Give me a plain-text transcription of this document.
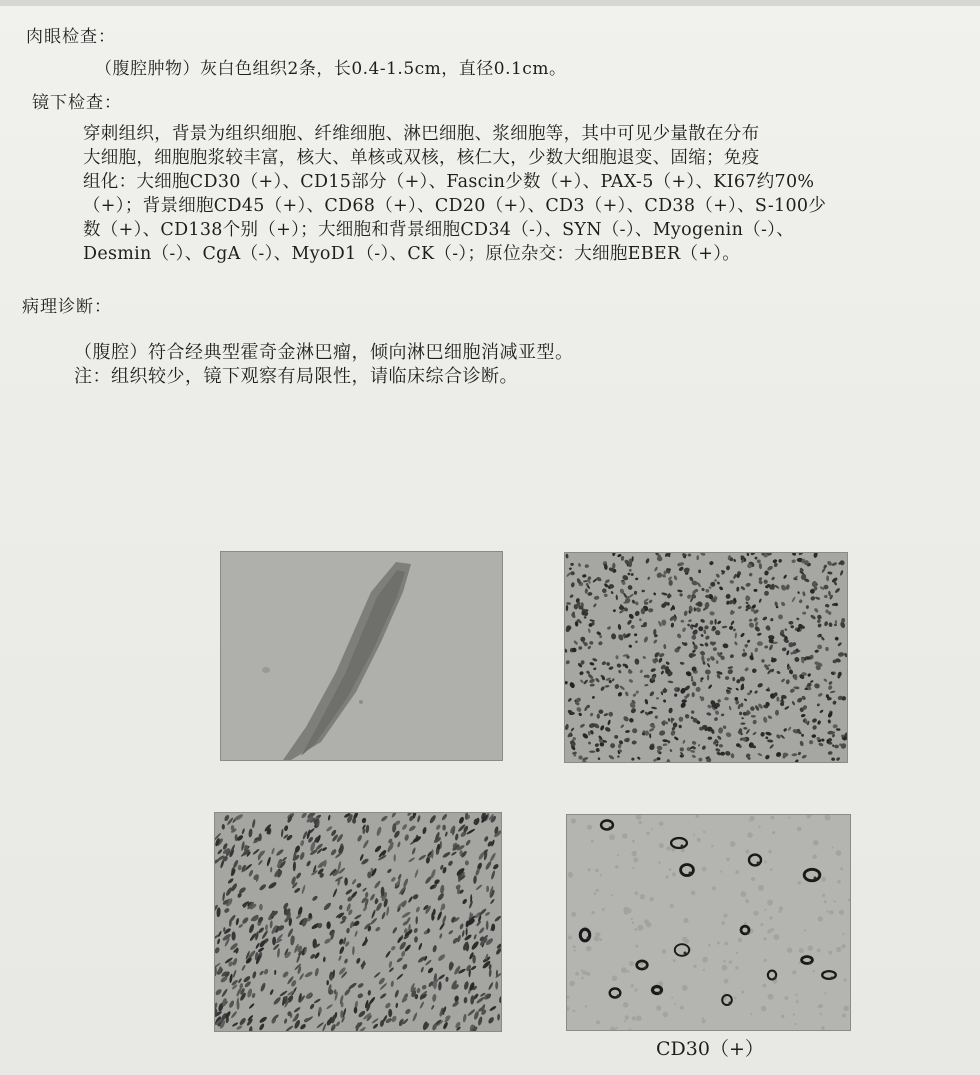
肉眼检查：
（腹腔肿物）灰白色组织2条，长0.4-1.5cm，直径0.1cm。
镜下检查：
穿刺组织，背景为组织细胞、纤维细胞、淋巴细胞、浆细胞等，其中可见少量散在分布
大细胞，细胞胞浆较丰富，核大、单核或双核，核仁大，少数大细胞退变、固缩；免疫
组化：大细胞CD30（+）、CD15部分（+）、Fascin少数（+）、PAX-5（+）、KI67约70%
（+）；背景细胞CD45（+）、CD68（+）、CD20（+）、CD3（+）、CD38（+）、S-100少
数（+）、CD138个别（+）；大细胞和背景细胞CD34（-）、SYN（-）、Myogenin（-）、
Desmin（-）、CgA（-）、MyoD1（-）、CK（-）；原位杂交：大细胞EBER（+）。
病理诊断：
（腹腔）符合经典型霍奇金淋巴瘤，倾向淋巴细胞消减亚型。
注：组织较少，镜下观察有局限性，请临床综合诊断。
CD30（+）
